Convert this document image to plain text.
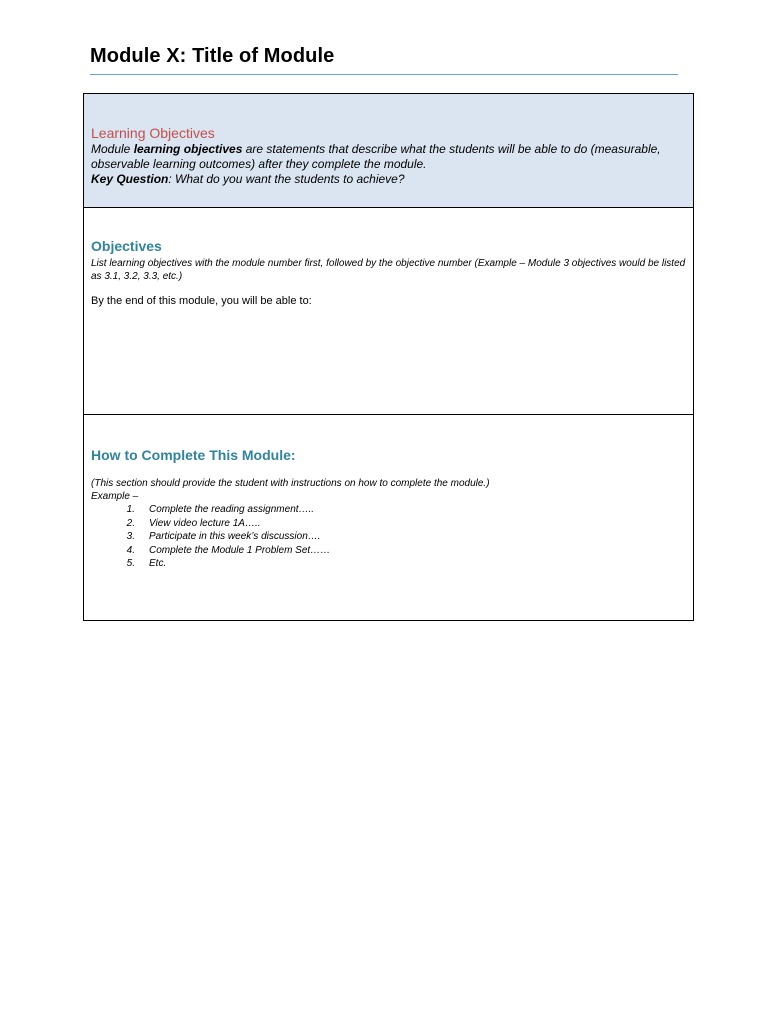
Module X: Title of Module
Learning Objectives

Module learning objectives are statements that describe what the students will be able to do (measurable, observable learning outcomes) after they complete the module.

Key Question: What do you want the students to achieve?

Objectives

List learning objectives with the module number first, followed by the objective number (Example – Module 3 objectives would be listed as 3.1, 3.2, 3.3, etc.)

By the end of this module, you will be able to:

How to Complete This Module:

(This section should provide the student with instructions on how to complete the module.)

Example –

1. Complete the reading assignment…..
2. View video lecture 1A…..
3. Participate in this week’s discussion….
4. Complete the Module 1 Problem Set……
5. Etc.
